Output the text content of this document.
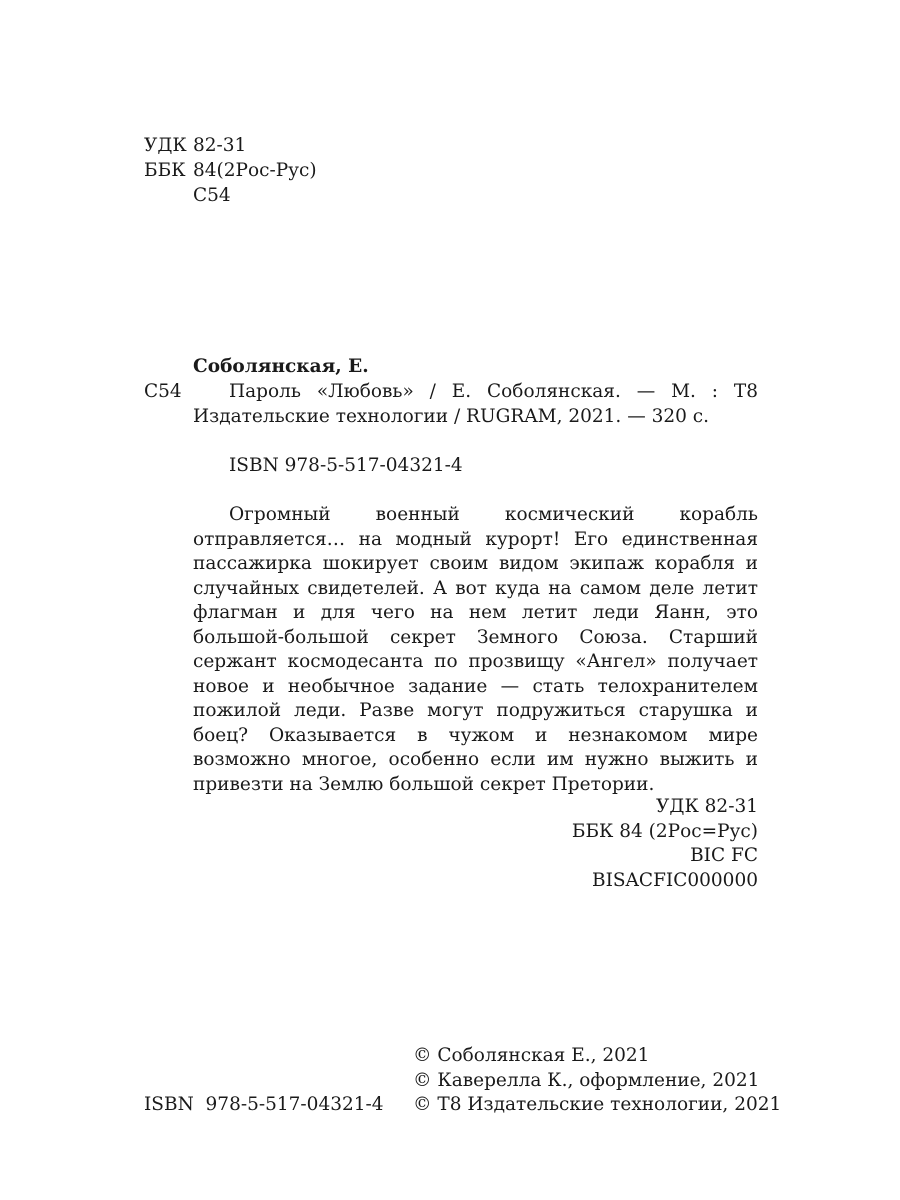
УДК 82-31
ББК 84(2Рос-Рус)
С54
Соболянская, Е.
С54	Пароль «Любовь» / Е. Соболянская. — М. : Т8 Издательские технологии / RUGRAM, 2021. — 320 с.
ISBN 978-5-517-04321-4
Огромный военный космический корабль отправляется… на модный курорт! Его единственная пассажирка шокирует своим видом экипаж корабля и случайных свидетелей. А вот куда на самом деле летит флагман и для чего на нем летит леди Яанн, это большой-большой секрет Земного Союза. Старший сержант космодесанта по прозвищу «Ангел» получает новое и необычное задание — стать телохранителем пожилой леди. Разве могут подружиться старушка и боец? Оказывается в чужом и незнакомом мире возможно многое, особенно если им нужно выжить и привезти на Землю большой секрет Претории.
УДК 82-31
ББК 84 (2Рос=Рус)
BIC FC
BISACFIC000000
ISBN 978-5-517-04321-4
© Соболянская Е., 2021
© Каверелла К., оформление, 2021
© Т8 Издательские технологии, 2021
